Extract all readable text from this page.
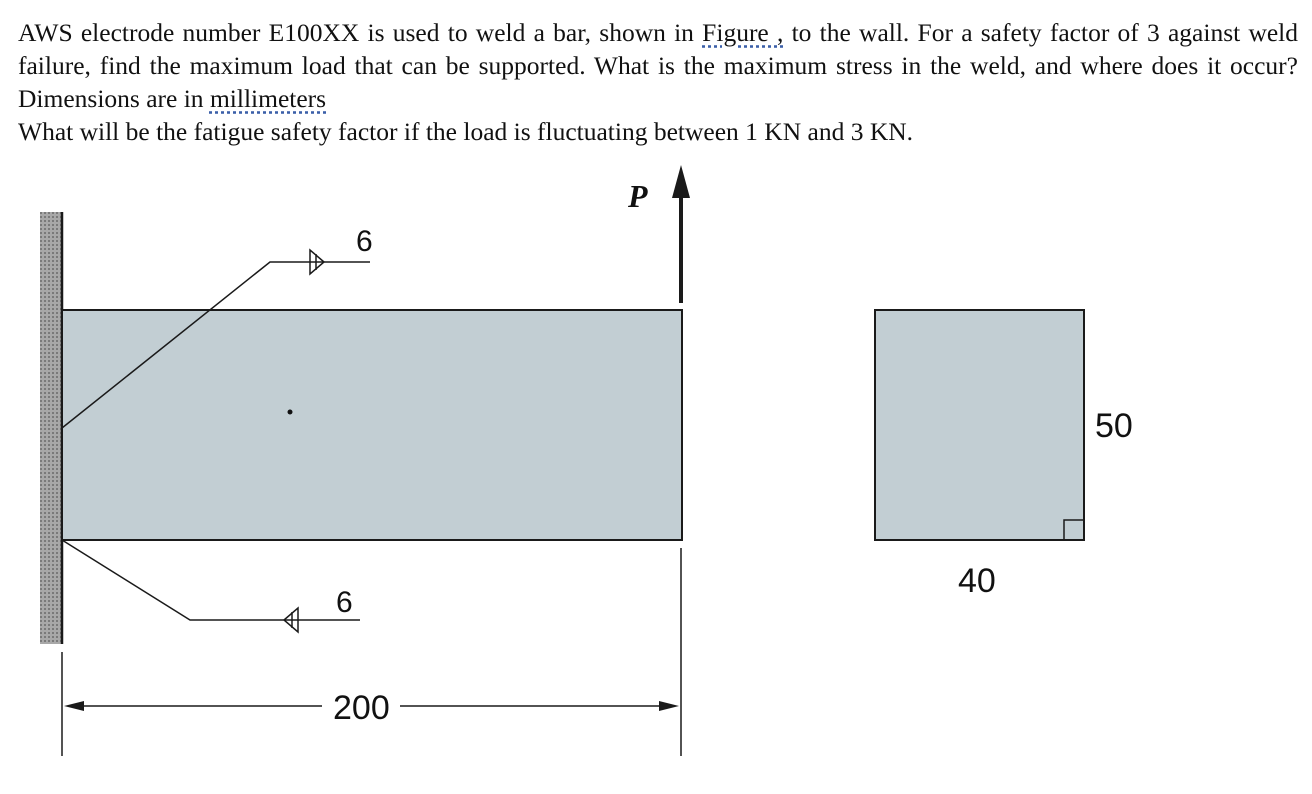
AWS electrode number E100XX is used to weld a bar, shown in Figure , to the wall. For a safety factor of 3 against weld failure, find the maximum load that can be supported. What is the maximum stress in the weld, and where does it occur? Dimensions are in millimeters

What will be the fatigue safety factor if the load is fluctuating between 1 KN and 3 KN.

6
6
P
200
40
50
